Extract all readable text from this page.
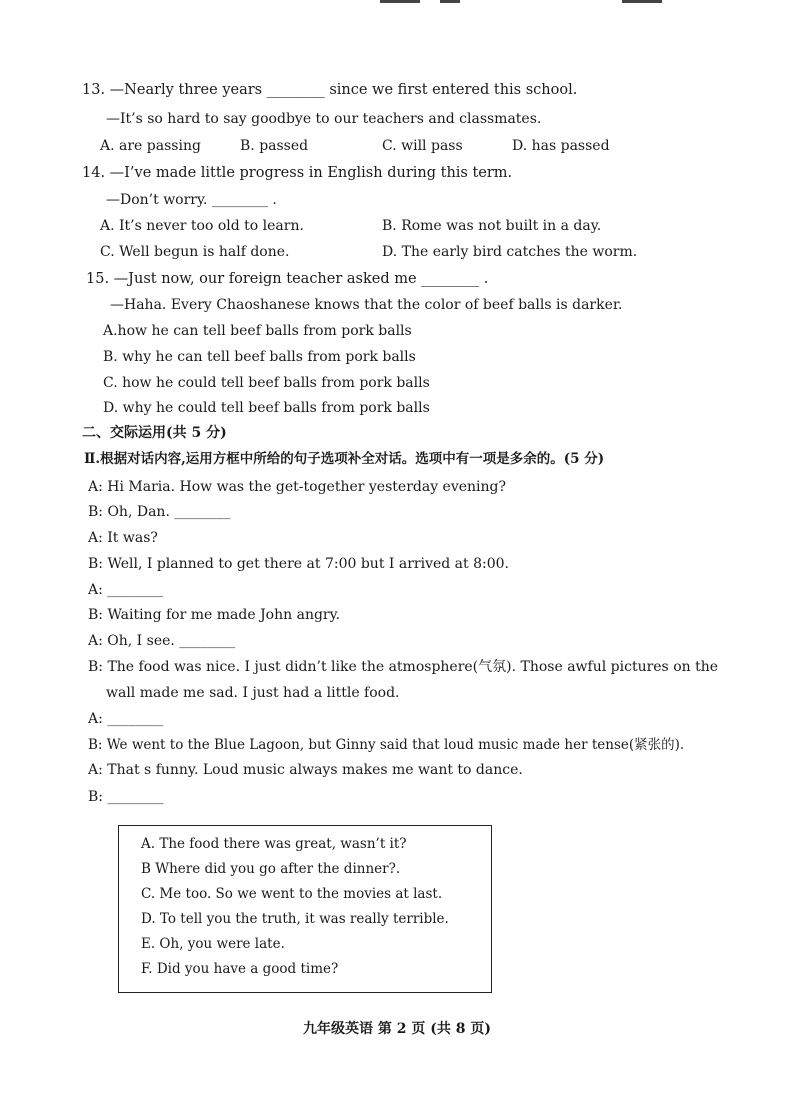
13. —Nearly three years ________ since we first entered this school.
—It’s so hard to say goodbye to our teachers and classmates.
A. are passing	B. passed	C. will pass	D. has passed
14. —I’ve made little progress in English during this term.
—Don’t worry. ________ .
A. It’s never too old to learn.	B. Rome was not built in a day.
C. Well begun is half done.	D. The early bird catches the worm.
15. —Just now, our foreign teacher asked me ________ .
—Haha. Every Chaoshanese knows that the color of beef balls is darker.
A.how he can tell beef balls from pork balls
B. why he can tell beef balls from pork balls
C. how he could tell beef balls from pork balls
D. why he could tell beef balls from pork balls
二、交际运用(共 5 分)
Ⅱ.根据对话内容,运用方框中所给的句子选项补全对话。选项中有一项是多余的。(5 分)
A: Hi Maria. How was the get-together yesterday evening?
B: Oh, Dan. ________
A: It was?
B: Well, I planned to get there at 7:00 but I arrived at 8:00.
A: ________
B: Waiting for me made John angry.
A: Oh, I see. ________
B: The food was nice. I just didn’t like the atmosphere(气氛). Those awful pictures on the
wall made me sad. I just had a little food.
A: ________
B: We went to the Blue Lagoon, but Ginny said that loud music made her tense(紧张的).
A: That s funny. Loud music always makes me want to dance.
B: ________
A. The food there was great, wasn’t it?
B Where did you go after the dinner?.
C. Me too. So we went to the movies at last.
D. To tell you the truth, it was really terrible.
E. Oh, you were late.
F. Did you have a good time?
九年级英语 第 2 页 (共 8 页)
